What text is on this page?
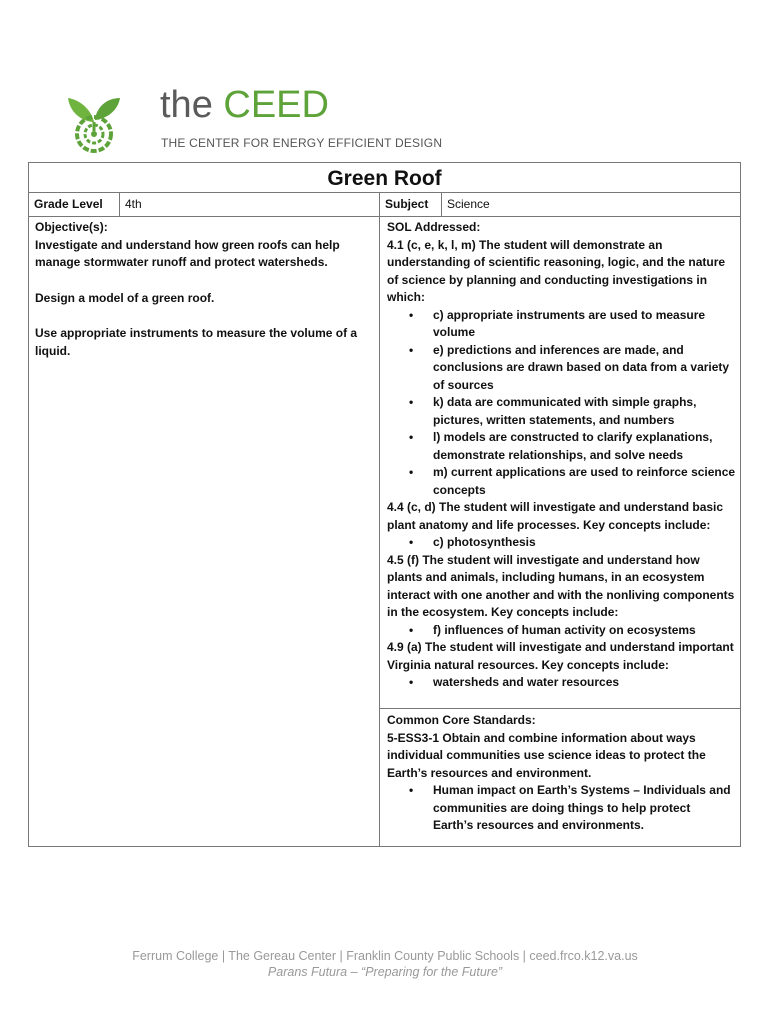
the CEED
THE CENTER FOR ENERGY EFFICIENT DESIGN
Green Roof
Grade Level	4th	Subject	Science

Objective(s):
Investigate and understand how green roofs can help manage stormwater runoff and protect watersheds.

Design a model of a green roof.

Use appropriate instruments to measure the volume of a liquid.

SOL Addressed:

4.1 (c, e, k, l, m) The student will demonstrate an understanding of scientific reasoning, logic, and the nature of science by planning and conducting investigations in which:

• c) appropriate instruments are used to measure volume
• e) predictions and inferences are made, and conclusions are drawn based on data from a variety of sources
• k) data are communicated with simple graphs, pictures, written statements, and numbers
• l) models are constructed to clarify explanations, demonstrate relationships, and solve needs
• m) current applications are used to reinforce science concepts

4.4 (c, d) The student will investigate and understand basic plant anatomy and life processes. Key concepts include:

• c) photosynthesis

4.5 (f) The student will investigate and understand how plants and animals, including humans, in an ecosystem interact with one another and with the nonliving components in the ecosystem. Key concepts include:

• f) influences of human activity on ecosystems

4.9 (a) The student will investigate and understand important Virginia natural resources. Key concepts include:

• watersheds and water resources

Common Core Standards:

5-ESS3-1 Obtain and combine information about ways individual communities use science ideas to protect the Earth’s resources and environment.

• Human impact on Earth’s Systems – Individuals and communities are doing things to help protect Earth’s resources and environments.
Ferrum College | The Gereau Center | Franklin County Public Schools | ceed.frco.k12.va.us
Parans Futura – “Preparing for the Future”
